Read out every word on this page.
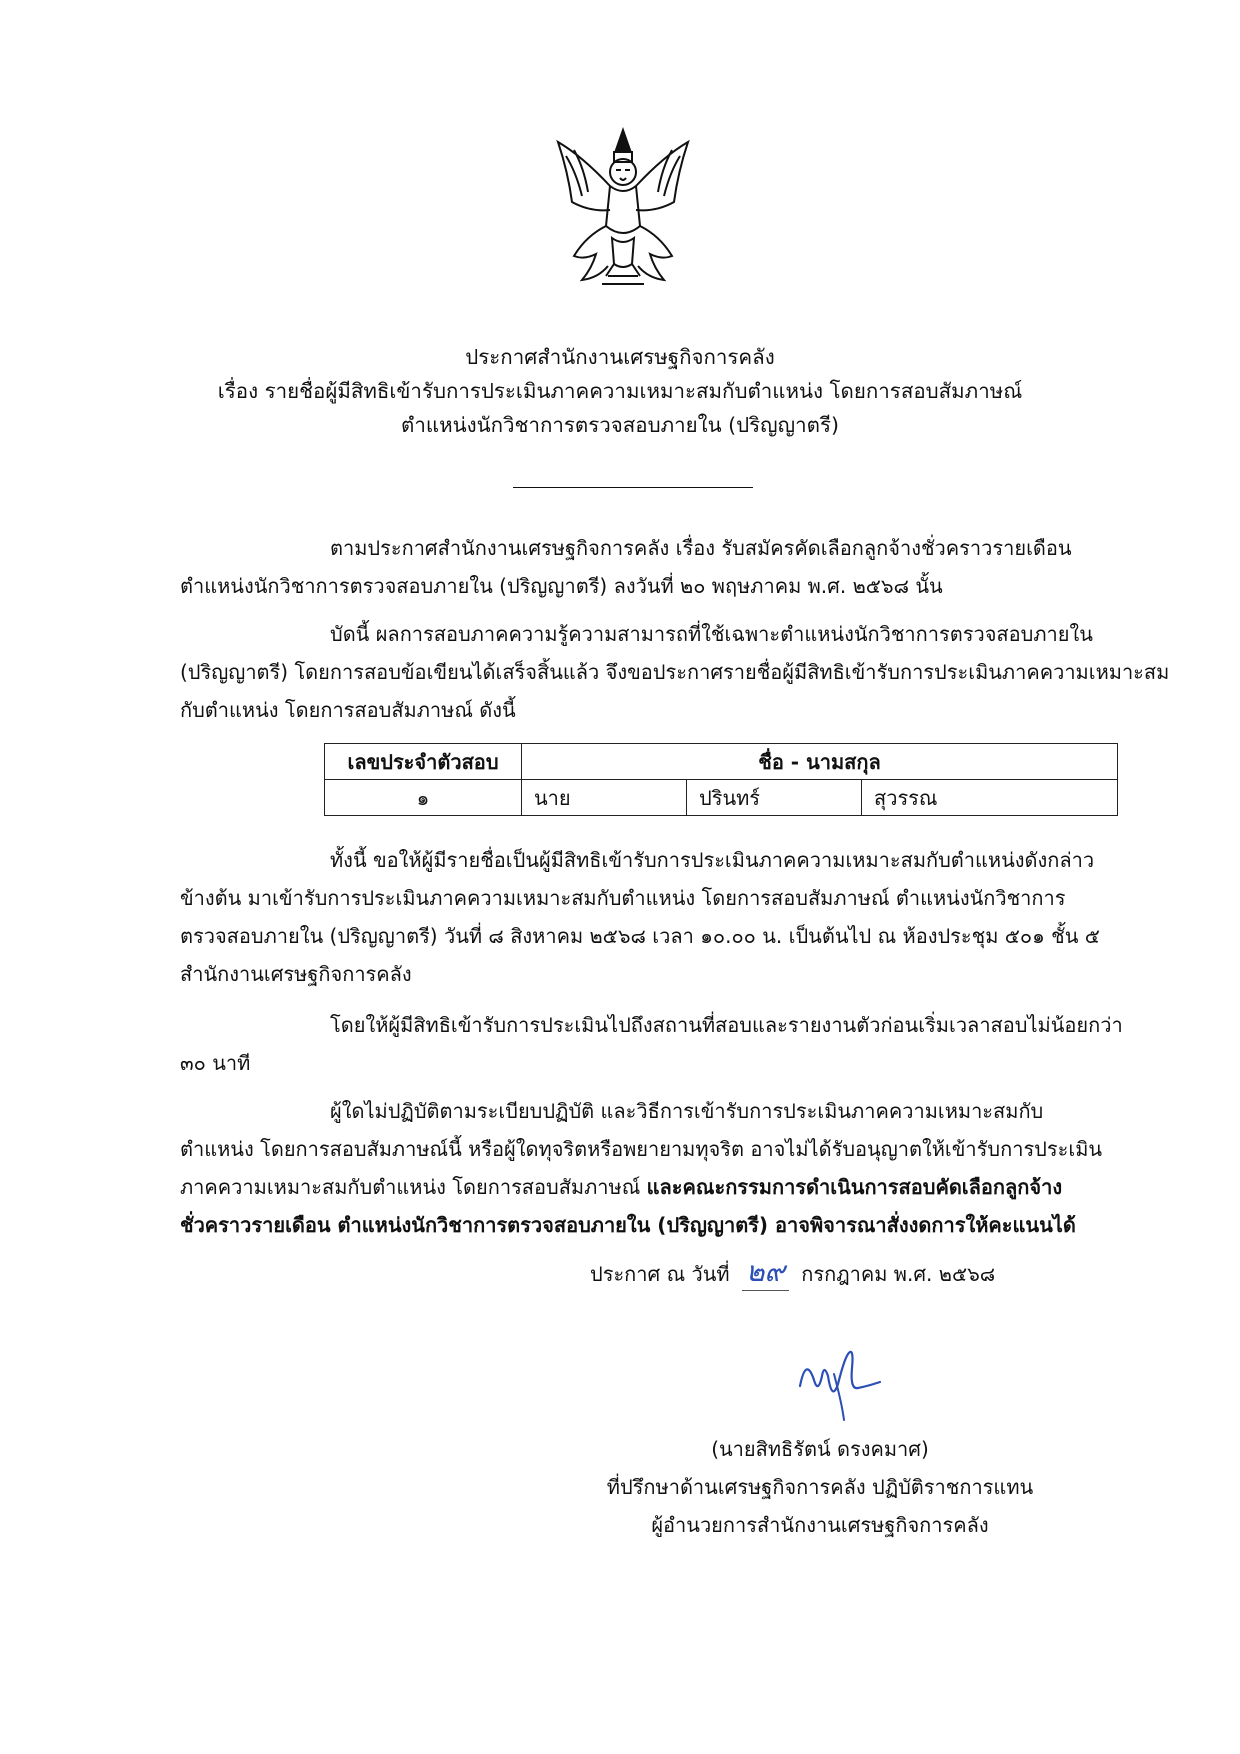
ประกาศสำนักงานเศรษฐกิจการคลัง
เรื่อง รายชื่อผู้มีสิทธิเข้ารับการประเมินภาคความเหมาะสมกับตำแหน่ง โดยการสอบสัมภาษณ์
ตำแหน่งนักวิชาการตรวจสอบภายใน (ปริญญาตรี)
ตามประกาศสำนักงานเศรษฐกิจการคลัง เรื่อง รับสมัครคัดเลือกลูกจ้างชั่วคราวรายเดือน
ตำแหน่งนักวิชาการตรวจสอบภายใน (ปริญญาตรี) ลงวันที่ ๒๐ พฤษภาคม พ.ศ. ๒๕๖๘ นั้น
บัดนี้ ผลการสอบภาคความรู้ความสามารถที่ใช้เฉพาะตำแหน่งนักวิชาการตรวจสอบภายใน
(ปริญญาตรี) โดยการสอบข้อเขียนได้เสร็จสิ้นแล้ว จึงขอประกาศรายชื่อผู้มีสิทธิเข้ารับการประเมินภาคความเหมาะสม
กับตำแหน่ง โดยการสอบสัมภาษณ์ ดังนี้
เลขประจำตัวสอบ	ชื่อ - นามสกุล		
๑	นาย	ปรินทร์	สุวรรณ
ทั้งนี้ ขอให้ผู้มีรายชื่อเป็นผู้มีสิทธิเข้ารับการประเมินภาคความเหมาะสมกับตำแหน่งดังกล่าว
ข้างต้น มาเข้ารับการประเมินภาคความเหมาะสมกับตำแหน่ง โดยการสอบสัมภาษณ์ ตำแหน่งนักวิชาการ
ตรวจสอบภายใน (ปริญญาตรี) วันที่ ๘ สิงหาคม ๒๕๖๘ เวลา ๑๐.๐๐ น. เป็นต้นไป ณ ห้องประชุม ๕๐๑ ชั้น ๕
สำนักงานเศรษฐกิจการคลัง
โดยให้ผู้มีสิทธิเข้ารับการประเมินไปถึงสถานที่สอบและรายงานตัวก่อนเริ่มเวลาสอบไม่น้อยกว่า
๓๐ นาที
ผู้ใดไม่ปฏิบัติตามระเบียบปฏิบัติ และวิธีการเข้ารับการประเมินภาคความเหมาะสมกับ
ตำแหน่ง โดยการสอบสัมภาษณ์นี้ หรือผู้ใดทุจริตหรือพยายามทุจริต อาจไม่ได้รับอนุญาตให้เข้ารับการประเมิน
ภาคความเหมาะสมกับตำแหน่ง โดยการสอบสัมภาษณ์ และคณะกรรมการดำเนินการสอบคัดเลือกลูกจ้าง
ชั่วคราวรายเดือน ตำแหน่งนักวิชาการตรวจสอบภายใน (ปริญญาตรี) อาจพิจารณาสั่งงดการให้คะแนนได้
ประกาศ ณ วันที่ ๒๙ กรกฎาคม พ.ศ. ๒๕๖๘
(นายสิทธิรัตน์ ดรงคมาศ)
ที่ปรึกษาด้านเศรษฐกิจการคลัง ปฏิบัติราชการแทน
ผู้อำนวยการสำนักงานเศรษฐกิจการคลัง
